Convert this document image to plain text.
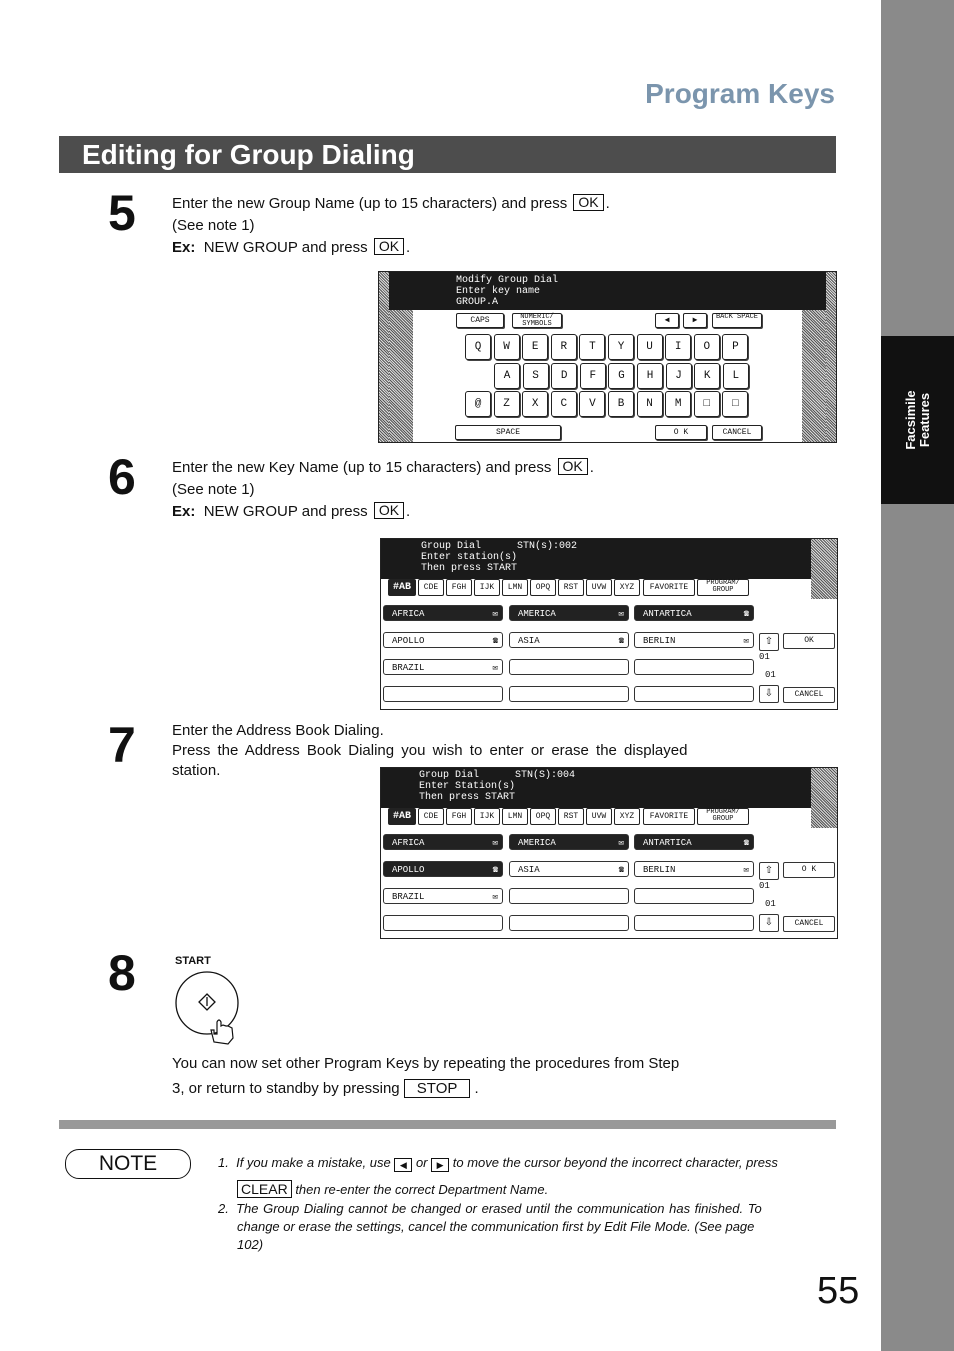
Facsimile
Features
Program Keys
Editing for Group Dialing
5 Enter the new Group Name (up to 15 characters) and press OK .
(See note 1)
Ex: NEW GROUP and press OK .
Modify Group Dial
Enter key name
GROUP.A
CAPS	NUMERIC/ SYMBOLS	◀	▶	BACK SPACE
SPACE	O K	CANCEL
Q	W	E	R	T	Y	U	I	O	P
A	S	D	F	G	H	J	K	L
@	Z	X	C	V	B	N	M	□	□
6 Enter the new Key Name (up to 15 characters) and press OK .
(See note 1)
Ex: NEW GROUP and press OK .
Group Dial      STN(s):002
Enter station(s)
Then press START
#AB	CDE	FGH	IJK	LMN	OPQ	RST	UVW	XYZ	FAVORITE	PROGRAM/ GROUP
AFRICA	✉	AMERICA	✉	ANTARTICA	☎
APOLLO	☎	ASIA	☎	BERLIN	✉
BRAZIL	✉
⇧
⇩
01
01
OK
CANCEL
7 Enter the Address Book Dialing.
Press the Address Book Dialing you wish to enter or erase the displayed
station.	Group Dial      STN(S):004
Enter Station(s)
Then press START
#AB	CDE	FGH	IJK	LMN	OPQ	RST	UVW	XYZ	FAVORITE	PROGRAM/ GROUP
AFRICA	✉	AMERICA	✉	ANTARTICA	☎
APOLLO	☎	ASIA	☎	BERLIN	✉
BRAZIL	✉
⇧
⇩
01
01
O K
CANCEL
8	START
You can now set other Program Keys by repeating the procedures from Step
3, or return to standby by pressing STOP .
NOTE	1. If you make a mistake, use ◀ or ▶ to move the cursor beyond the incorrect character, press
CLEAR then re-enter the correct Department Name.
2. The Group Dialing cannot be changed or erased until the communication has finished. To
change or erase the settings, cancel the communication first by Edit File Mode. (See page
102)
55
